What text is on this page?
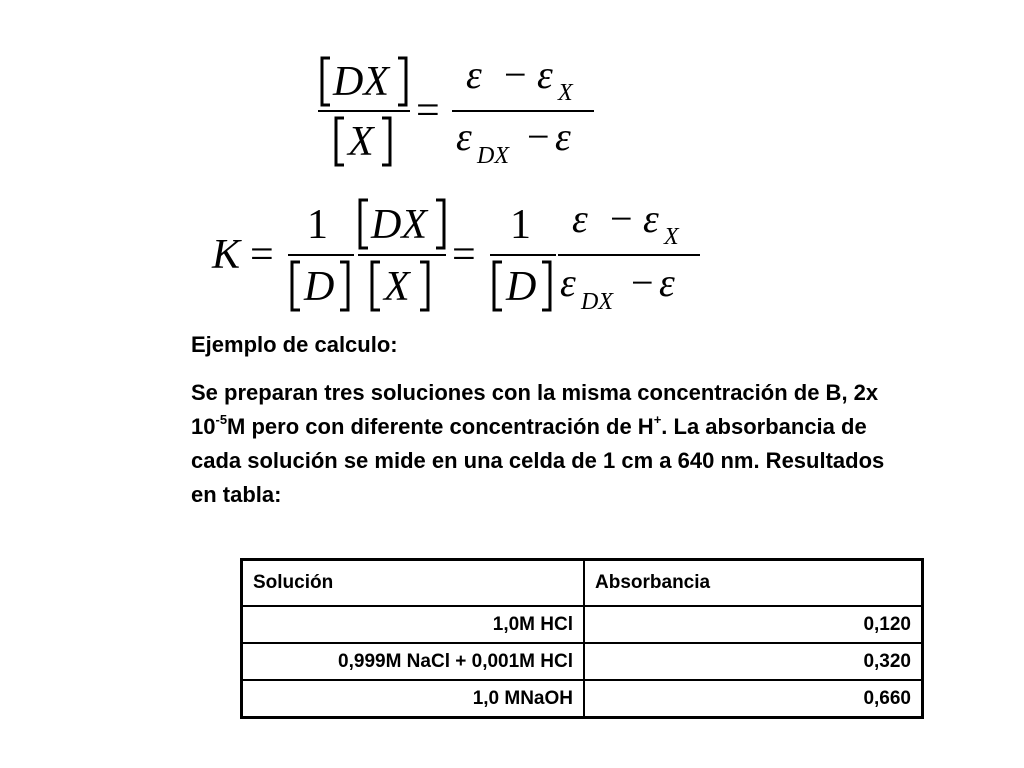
DX
X
=
ε − ε X
ε DX − ε
K =
1
D
DX
X
=
1
D
ε − ε X
ε DX − ε

Ejemplo de calculo:

Se preparan tres soluciones con la misma concentración de B, 2x $10^{-5}M$ pero con diferente concentración de H+. La absorbancia de cada solución se mide en una celda de 1 cm a 640 nm. Resultados en tabla:

Solución	Absorbancia
1,0M HCl	0,120
0,999M NaCl + 0,001M HCl	0,320
1,0 MNaOH	0,660
